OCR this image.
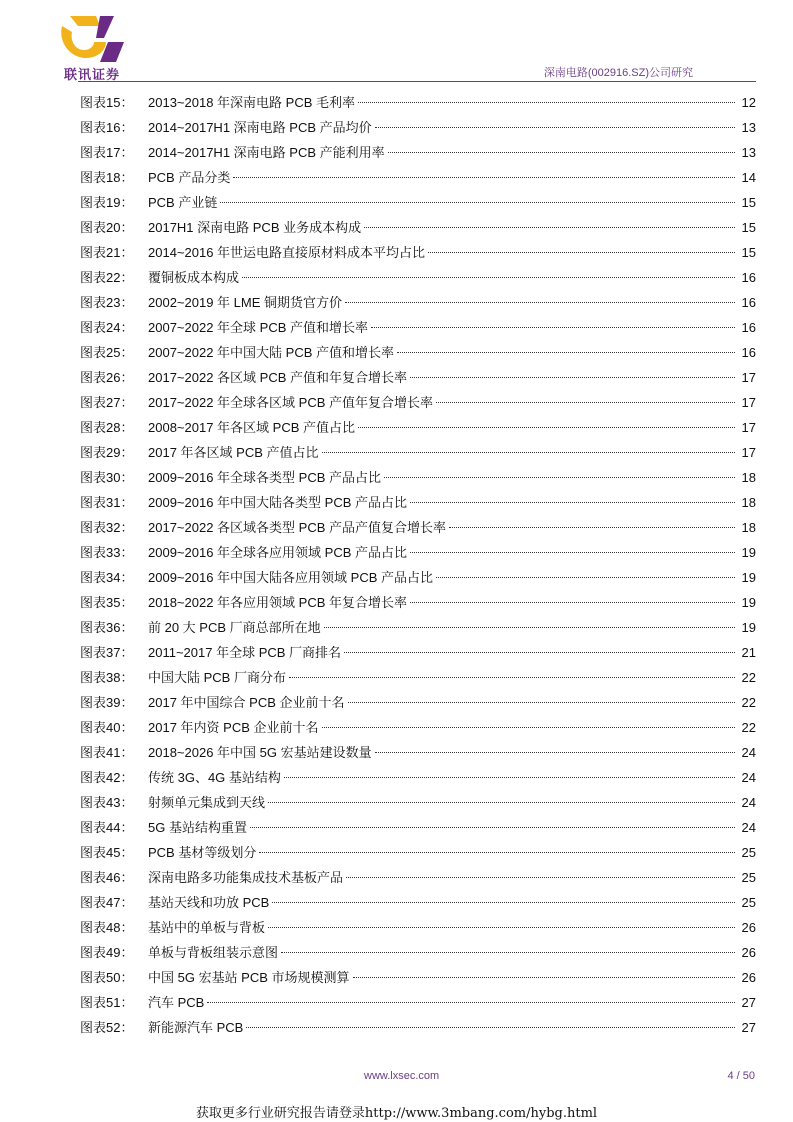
联讯证券	深南电路(002916.SZ)公司研究
图表15：	2013~2018 年深南电路 PCB 毛利率	12
图表16：	2014~2017H1 深南电路 PCB 产品均价	13
图表17：	2014~2017H1 深南电路 PCB 产能利用率	13
图表18：	PCB 产品分类	14
图表19：	PCB 产业链	15
图表20：	2017H1 深南电路 PCB 业务成本构成	15
图表21：	2014~2016 年世运电路直接原材料成本平均占比	15
图表22：	覆铜板成本构成	16
图表23：	2002~2019 年 LME 铜期货官方价	16
图表24：	2007~2022 年全球 PCB 产值和增长率	16
图表25：	2007~2022 年中国大陆 PCB 产值和增长率	16
图表26：	2017~2022 各区域 PCB 产值和年复合增长率	17
图表27：	2017~2022 年全球各区域 PCB 产值年复合增长率	17
图表28：	2008~2017 年各区域 PCB 产值占比	17
图表29：	2017 年各区域 PCB 产值占比	17
图表30：	2009~2016 年全球各类型 PCB 产品占比	18
图表31：	2009~2016 年中国大陆各类型 PCB 产品占比	18
图表32：	2017~2022 各区域各类型 PCB 产品产值复合增长率	18
图表33：	2009~2016 年全球各应用领域 PCB 产品占比	19
图表34：	2009~2016 年中国大陆各应用领域 PCB 产品占比	19
图表35：	2018~2022 年各应用领域 PCB 年复合增长率	19
图表36：	前 20 大 PCB 厂商总部所在地	19
图表37：	2011~2017 年全球 PCB 厂商排名	21
图表38：	中国大陆 PCB 厂商分布	22
图表39：	2017 年中国综合 PCB 企业前十名	22
图表40：	2017 年内资 PCB 企业前十名	22
图表41：	2018~2026 年中国 5G 宏基站建设数量	24
图表42：	传统 3G、4G 基站结构	24
图表43：	射频单元集成到天线	24
图表44：	5G 基站结构重置	24
图表45：	PCB 基材等级划分	25
图表46：	深南电路多功能集成技术基板产品	25
图表47：	基站天线和功放 PCB	25
图表48：	基站中的单板与背板	26
图表49：	单板与背板组装示意图	26
图表50：	中国 5G 宏基站 PCB 市场规模测算	26
图表51：	汽车 PCB	27
图表52：	新能源汽车 PCB	27
www.lxsec.com	4 / 50
获取更多行业研究报告请登录http://www.3mbang.com/hybg.html
